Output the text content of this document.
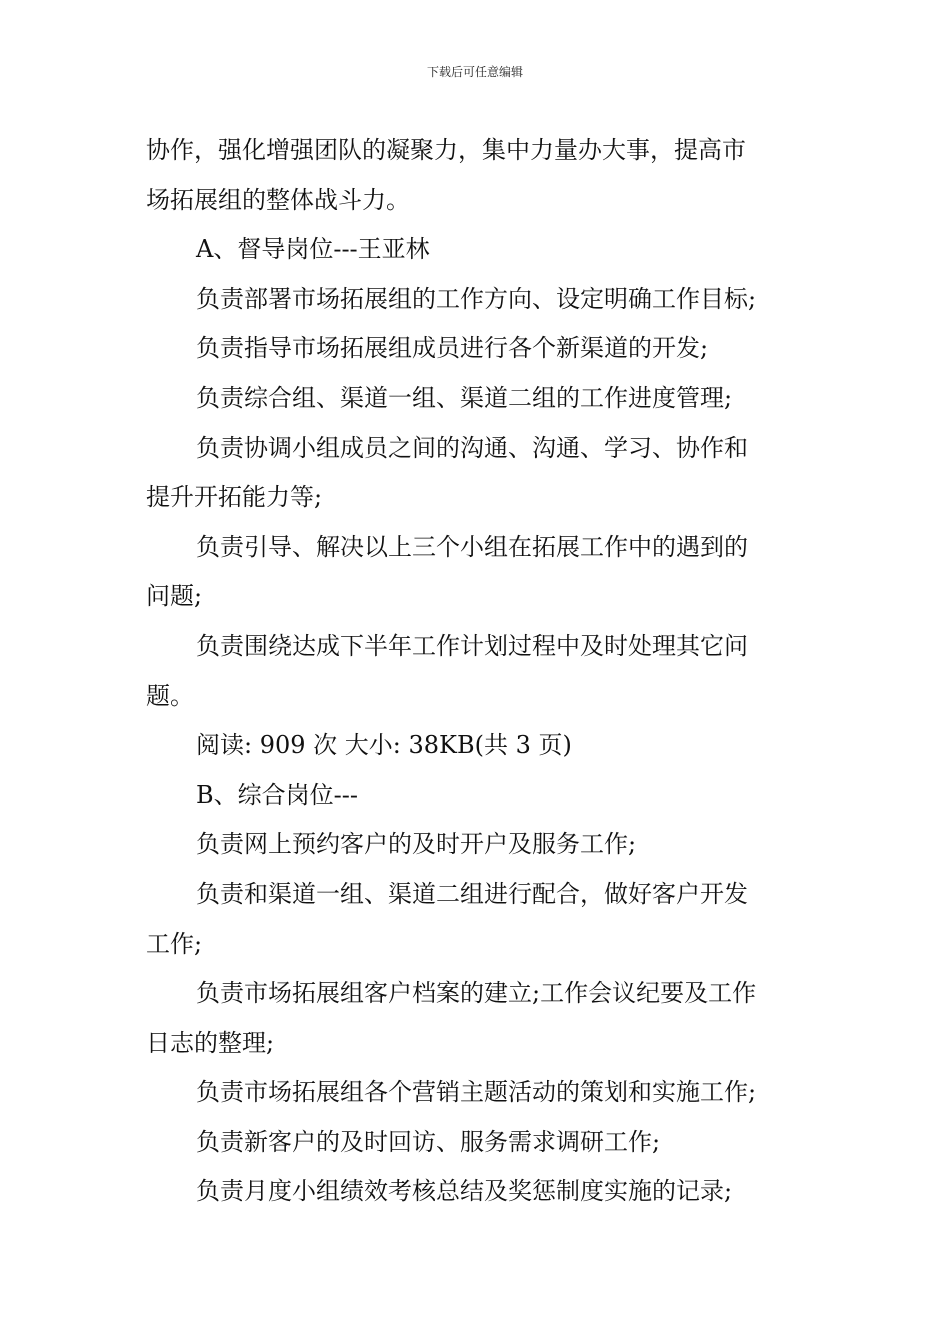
下载后可任意编辑
协作，强化增强团队的凝聚力，集中力量办大事，提高市
场拓展组的整体战斗力。
A、督导岗位---王亚林
负责部署市场拓展组的工作方向、设定明确工作目标;
负责指导市场拓展组成员进行各个新渠道的开发;
负责综合组、渠道一组、渠道二组的工作进度管理;
负责协调小组成员之间的沟通、沟通、学习、协作和
提升开拓能力等;
负责引导、解决以上三个小组在拓展工作中的遇到的
问题;
负责围绕达成下半年工作计划过程中及时处理其它问
题。
阅读: 909 次 大小: 38KB(共 3 页)
B、综合岗位---
负责网上预约客户的及时开户及服务工作;
负责和渠道一组、渠道二组进行配合，做好客户开发
工作;
负责市场拓展组客户档案的建立;工作会议纪要及工作
日志的整理;
负责市场拓展组各个营销主题活动的策划和实施工作;
负责新客户的及时回访、服务需求调研工作;
负责月度小组绩效考核总结及奖惩制度实施的记录;
